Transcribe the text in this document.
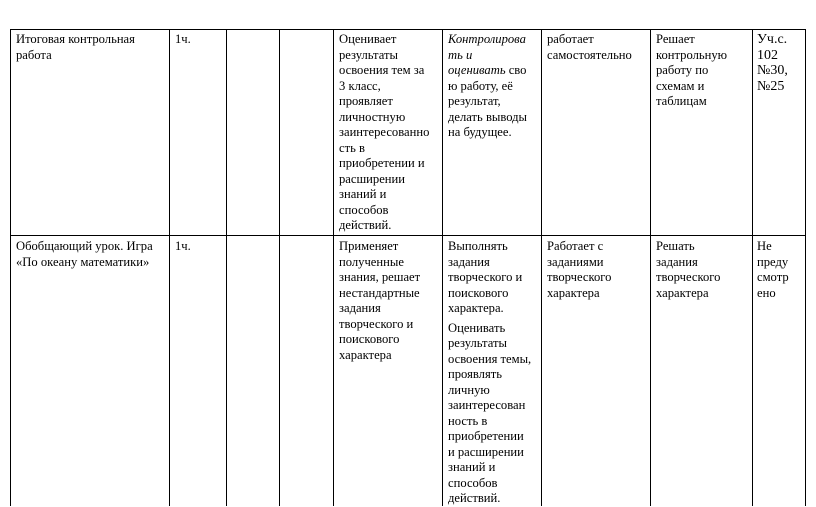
Итоговая контрольная работа
1ч.	Оценивает
результаты
освоения тем за
3 класс,
проявляет
личностную
заинтересованно
сть в
приобретении и
расширении
знаний и
способов
действий.
Контролирова
ть и
оценивать сво
ю работу, её
результат,
делать выводы
на будущее.
работает
самостоятельно
Решает
контрольную
работу по
схемам и
таблицам
Уч.с.
102
№30,
№25
Обобщающий урок. Игра
«По океану математики»
1ч.	Применяет
полученные
знания, решает
нестандартные
задания
творческого и
поискового
характера
Выполнять
задания
творческого и
поискового
характера.
Оценивать
результаты
освоения темы,
проявлять
личную
заинтересован
ность в
приобретении
и расширении
знаний и
способов
действий.
Работает с
заданиями
творческого
характера
Решать
задания
творческого
характера
Не
преду
смотр
ено
